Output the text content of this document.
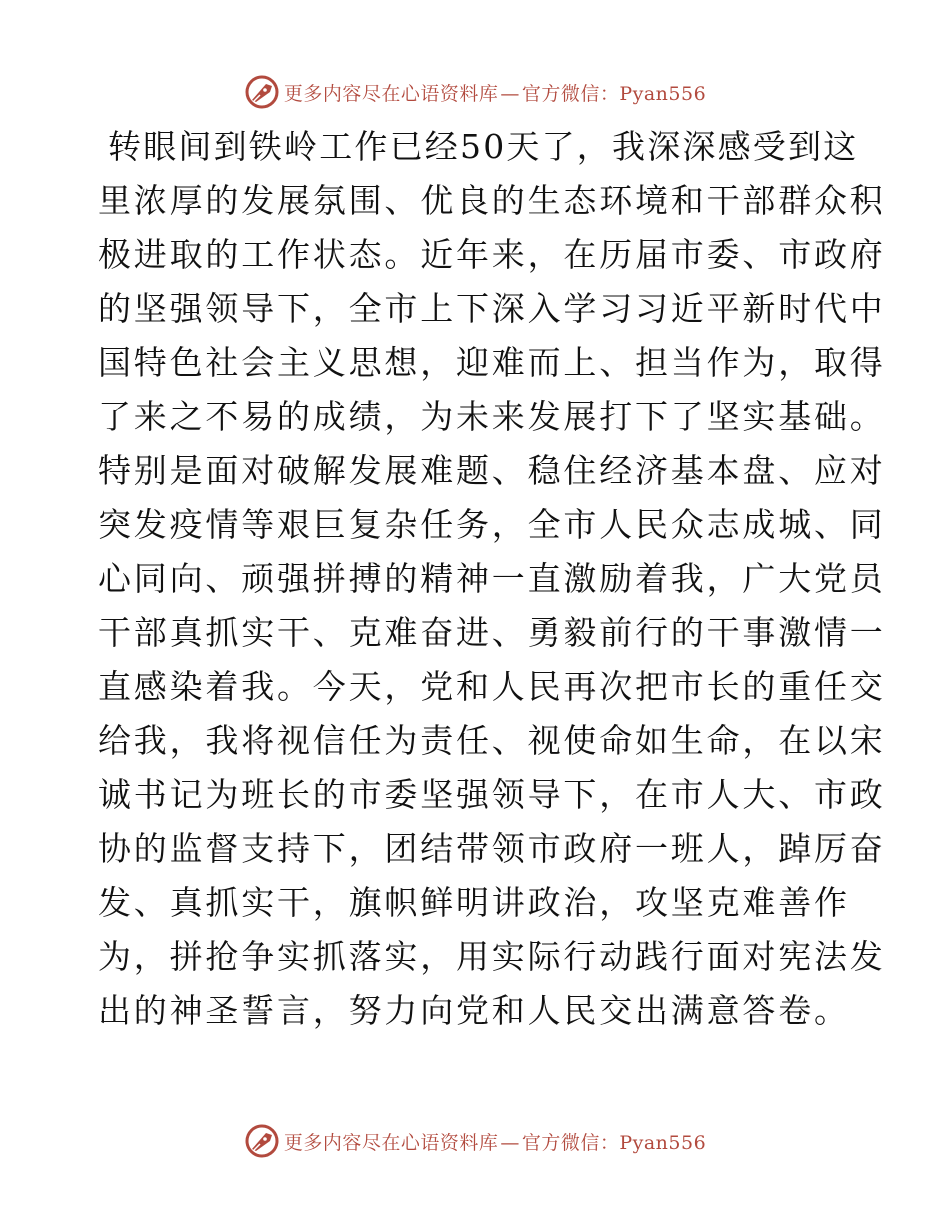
更多内容尽在心语资料库 — 官方微信：Pyan556
转眼间到铁岭工作已经50天了，我深深感受到这
里浓厚的发展氛围、优良的生态环境和干部群众积
极进取的工作状态。近年来，在历届市委、市政府
的坚强领导下，全市上下深入学习习近平新时代中
国特色社会主义思想，迎难而上、担当作为，取得
了来之不易的成绩，为未来发展打下了坚实基础。
特别是面对破解发展难题、稳住经济基本盘、应对
突发疫情等艰巨复杂任务，全市人民众志成城、同
心同向、顽强拼搏的精神一直激励着我，广大党员
干部真抓实干、克难奋进、勇毅前行的干事激情一
直感染着我。今天，党和人民再次把市长的重任交
给我，我将视信任为责任、视使命如生命，在以宋
诚书记为班长的市委坚强领导下，在市人大、市政
协的监督支持下，团结带领市政府一班人，踔厉奋
发、真抓实干，旗帜鲜明讲政治，攻坚克难善作
为，拼抢争实抓落实，用实际行动践行面对宪法发
出的神圣誓言，努力向党和人民交出满意答卷。
更多内容尽在心语资料库 — 官方微信：Pyan556
